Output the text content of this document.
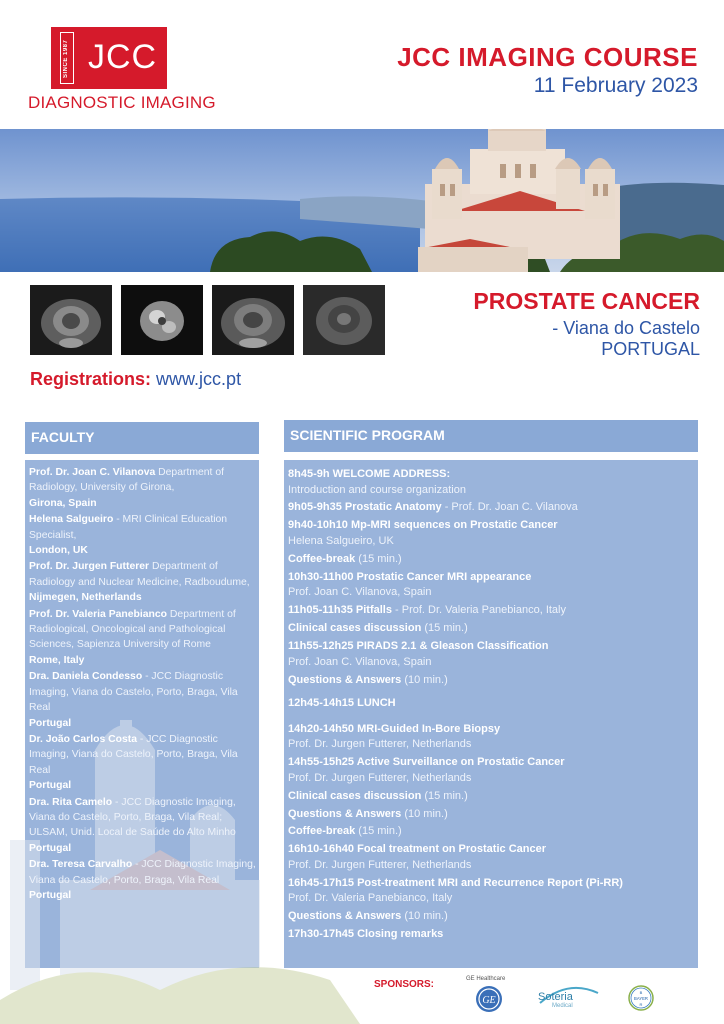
SINCE 1987 JCC
DIAGNOSTIC IMAGING
JCC IMAGING COURSE
11 February 2023
PROSTATE CANCER
- Viana do Castelo
PORTUGAL
Registrations: www.jcc.pt
FACULTY	SCIENTIFIC PROGRAM
Prof. Dr. Joan C. Vilanova Department of Radiology, University of Girona,
Girona, Spain
Helena Salgueiro - MRI Clinical Education Specialist,
London, UK
Prof. Dr. Jurgen Futterer Department of Radiology and Nuclear Medicine, Radboudume,
Nijmegen, Netherlands
Prof. Dr. Valeria Panebianco Department of Radiological, Oncological and Pathological Sciences, Sapienza University of Rome
Rome, Italy
Dra. Daniela Condesso - JCC Diagnostic Imaging, Viana do Castelo, Porto, Braga, Vila Real
Portugal
Dr. João Carlos Costa - JCC Diagnostic Imaging, Viana do Castelo, Porto, Braga, Vila Real
Portugal
Dra. Rita Camelo - JCC Diagnostic Imaging, Viana do Castelo, Porto, Braga, Vila Real; ULSAM, Unid. Local de Saúde do Alto Minho
Portugal
Dra. Teresa Carvalho - JCC Diagnostic Imaging, Viana do Castelo, Porto, Braga, Vila Real
Portugal
8h45-9h WELCOME ADDRESS:
Introduction and course organization
9h05-9h35 Prostatic Anatomy - Prof. Dr. Joan C. Vilanova
9h40-10h10 Mp-MRI sequences on Prostatic Cancer
Helena Salgueiro, UK
Coffee-break (15 min.)
10h30-11h00 Prostatic Cancer MRI appearance
Prof. Joan C. Vilanova, Spain
11h05-11h35 Pitfalls - Prof. Dr. Valeria Panebianco, Italy
Clinical cases discussion (15 min.)
11h55-12h25 PIRADS 2.1 & Gleason Classification
Prof. Joan C. Vilanova, Spain
Questions & Answers (10 min.)
12h45-14h15 LUNCH
14h20-14h50 MRI-Guided In-Bore Biopsy
Prof. Dr. Jurgen Futterer, Netherlands
14h55-15h25 Active Surveillance on Prostatic Cancer
Prof. Dr. Jurgen Futterer, Netherlands
Clinical cases discussion (15 min.)
Questions & Answers (10 min.)
Coffee-break (15 min.)
16h10-16h40 Focal treatment on Prostatic Cancer
Prof. Dr. Jurgen Futterer, Netherlands
16h45-17h15 Post-treatment MRI and Recurrence Report (Pi-RR)
Prof. Dr. Valeria Panebianco, Italy
Questions & Answers (10 min.)
17h30-17h45 Closing remarks
SPONSORS:	GE Healthcare
GE	Soteria
Medical
B
BAYER
R
